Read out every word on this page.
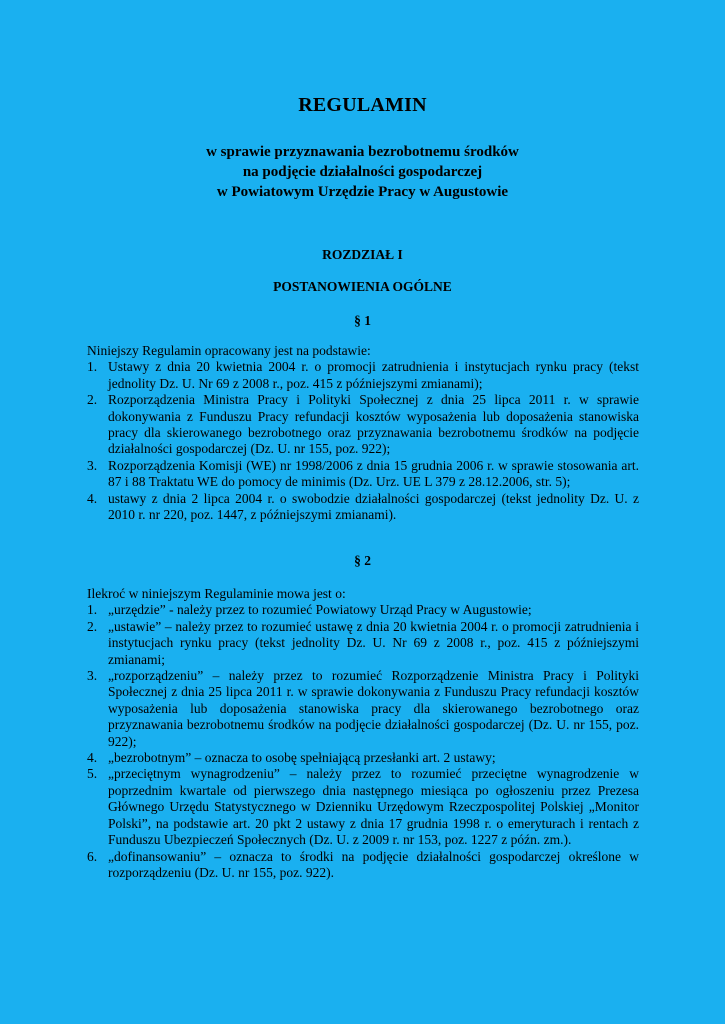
REGULAMIN
w sprawie przyznawania bezrobotnemu środków
na podjęcie działalności gospodarczej
w Powiatowym Urzędzie Pracy w Augustowie
ROZDZIAŁ I
POSTANOWIENIA OGÓLNE
§ 1

Niniejszy Regulamin opracowany jest na podstawie:

1. Ustawy z dnia 20 kwietnia 2004 r. o promocji zatrudnienia i instytucjach rynku pracy (tekst jednolity Dz. U. Nr 69 z 2008 r., poz. 415 z późniejszymi zmianami);
2. Rozporządzenia Ministra Pracy i Polityki Społecznej z dnia 25 lipca 2011 r. w sprawie dokonywania z Funduszu Pracy refundacji kosztów wyposażenia lub doposażenia stanowiska pracy dla skierowanego bezrobotnego oraz przyznawania bezrobotnemu środków na podjęcie działalności gospodarczej (Dz. U. nr 155, poz. 922);
3. Rozporządzenia Komisji (WE) nr 1998/2006 z dnia 15 grudnia 2006 r. w sprawie stosowania art. 87 i 88 Traktatu WE do pomocy de minimis (Dz. Urz. UE L 379 z 28.12.2006, str. 5);
4. ustawy z dnia 2 lipca 2004 r. o swobodzie działalności gospodarczej (tekst jednolity Dz. U. z 2010 r. nr 220, poz. 1447, z późniejszymi zmianami).
§ 2

Ilekroć w niniejszym Regulaminie mowa jest o:

1. „urzędzie” - należy przez to rozumieć Powiatowy Urząd Pracy w Augustowie;
2. „ustawie” – należy przez to rozumieć ustawę z dnia 20 kwietnia 2004 r. o promocji zatrudnienia i instytucjach rynku pracy (tekst jednolity Dz. U. Nr 69 z 2008 r., poz. 415 z późniejszymi zmianami;
3. „rozporządzeniu” – należy przez to rozumieć Rozporządzenie Ministra Pracy i Polityki Społecznej z dnia 25 lipca 2011 r. w sprawie dokonywania z Funduszu Pracy refundacji kosztów wyposażenia lub doposażenia stanowiska pracy dla skierowanego bezrobotnego oraz przyznawania bezrobotnemu środków na podjęcie działalności gospodarczej (Dz. U. nr 155, poz. 922);
4. „bezrobotnym” – oznacza to osobę spełniającą przesłanki art. 2 ustawy;
5. „przeciętnym wynagrodzeniu” – należy przez to rozumieć przeciętne wynagrodzenie w poprzednim kwartale od pierwszego dnia następnego miesiąca po ogłoszeniu przez Prezesa Głównego Urzędu Statystycznego w Dzienniku Urzędowym Rzeczpospolitej Polskiej „Monitor Polski”, na podstawie art. 20 pkt 2 ustawy z dnia 17 grudnia 1998 r. o emeryturach i rentach z Funduszu Ubezpieczeń Społecznych (Dz. U. z 2009 r. nr 153, poz. 1227 z późn. zm.).
6. „dofinansowaniu” – oznacza to środki na podjęcie działalności gospodarczej określone w rozporządzeniu (Dz. U. nr 155, poz. 922).
